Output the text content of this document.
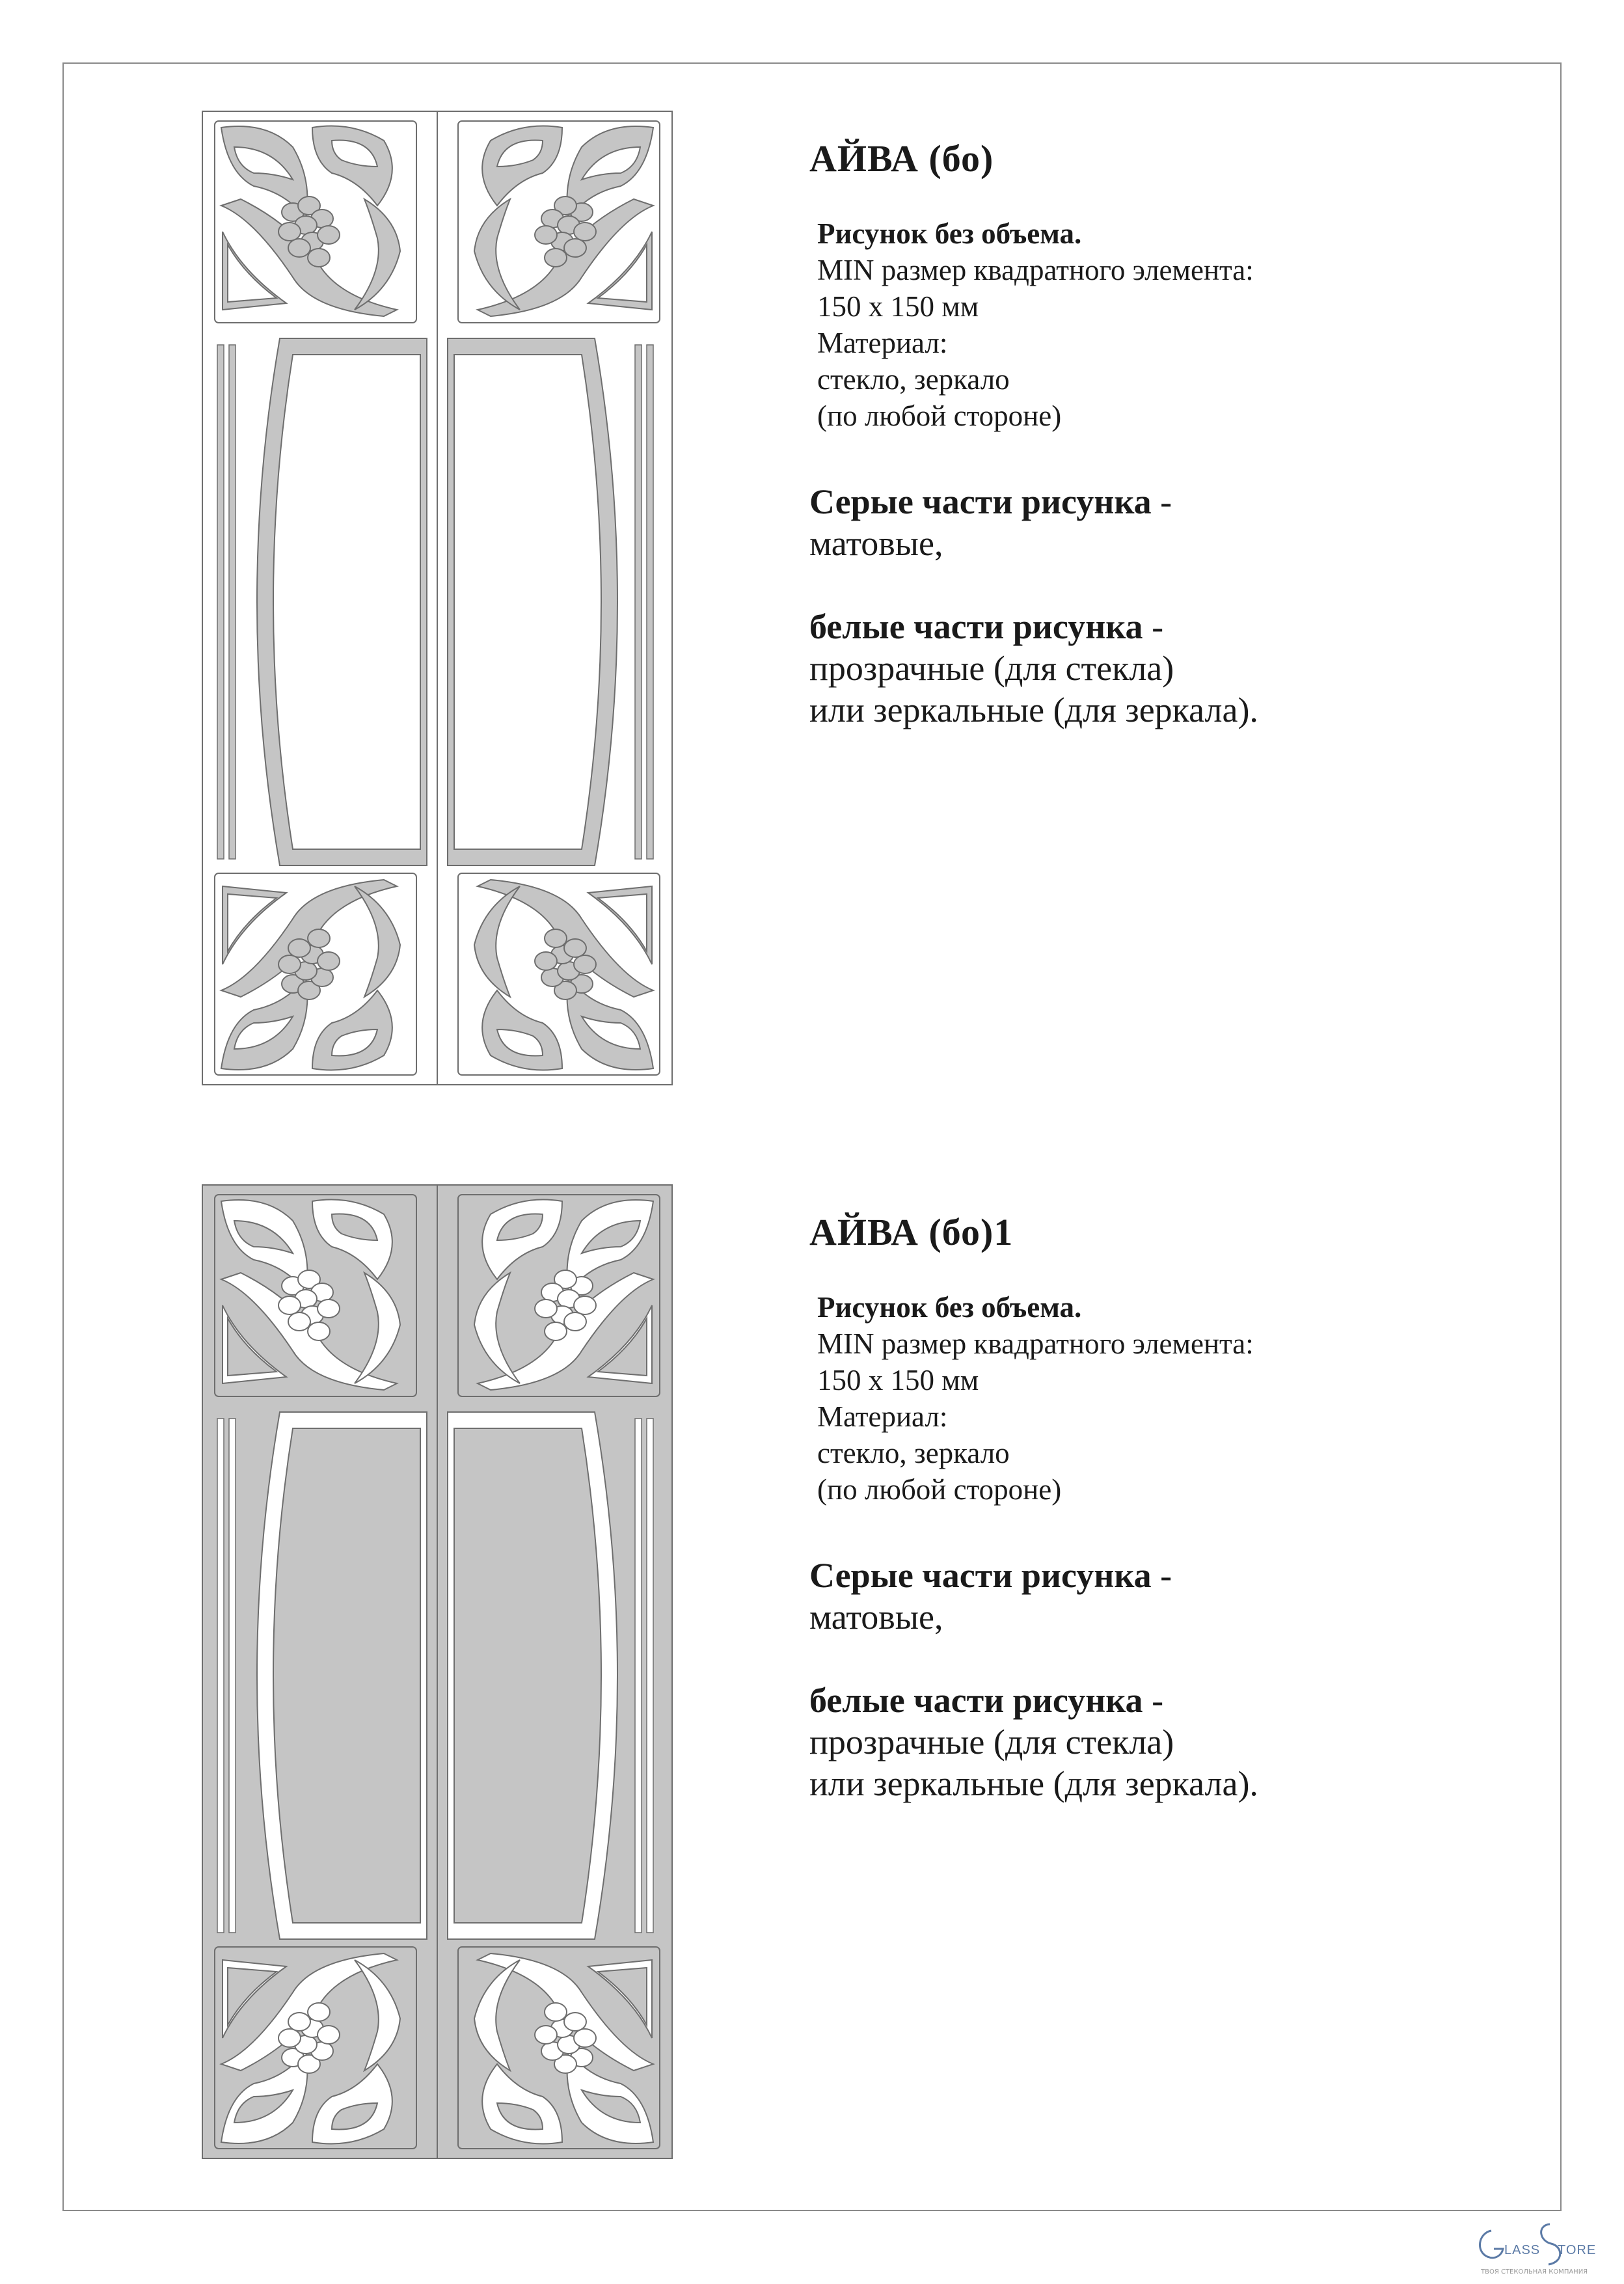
АЙВА (бо)
Рисунок без объема.
MIN размер квадратного элемента:
150 x 150 мм
Материал:
стекло, зеркало
(по любой стороне)
Серые части рисунка -
матовые,
белые части рисунка -
прозрачные (для стекла)
или зеркальные (для зеркала).
АЙВА (бо)1
Рисунок без объема.
MIN размер квадратного элемента:
150 x 150 мм
Материал:
стекло, зеркало
(по любой стороне)
Серые части рисунка -
матовые,
белые части рисунка -
прозрачные (для стекла)
или зеркальные (для зеркала).
LASS TORE
ТВОЯ СТЕКОЛЬНАЯ КОМПАНИЯ
